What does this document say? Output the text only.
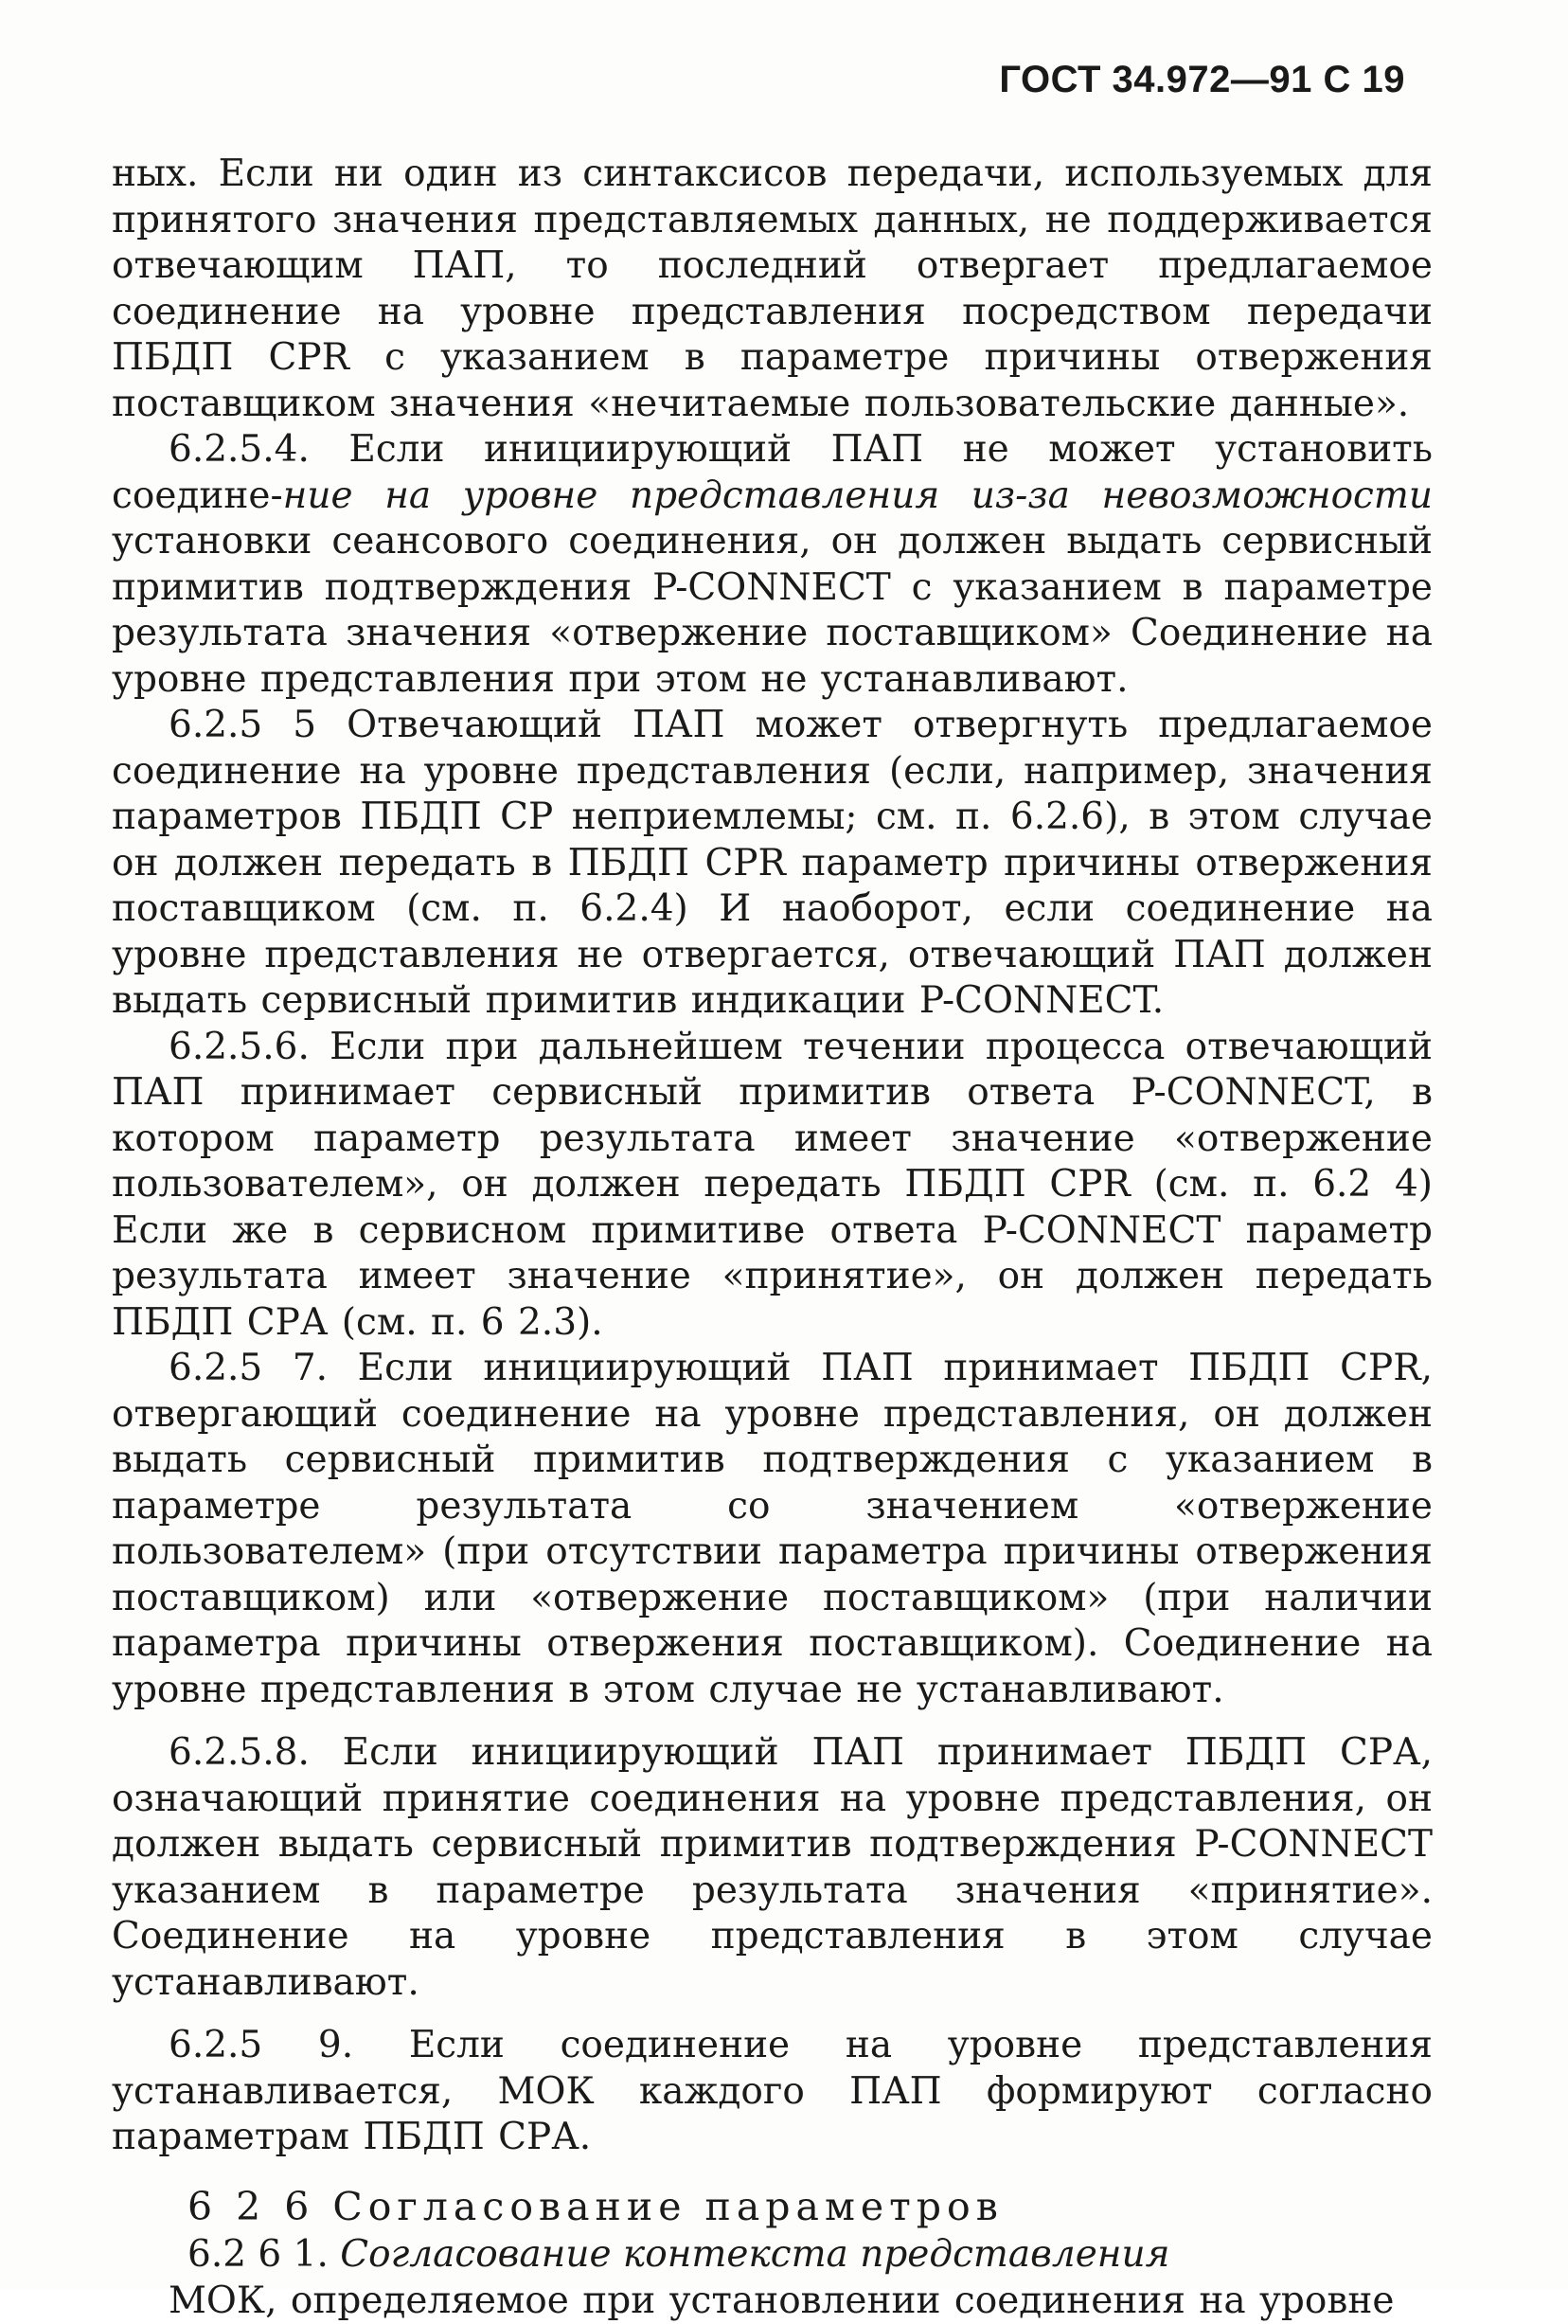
ГОСТ 34.972—91 С 19

ных. Если ни один из синтаксисов передачи, используемых для принятого значения представляемых данных, не поддерживается отвечающим ПАП, то последний отвергает предлагаемое соединение на уровне представления посредством передачи ПБДП CPR с указанием в параметре причины отвержения поставщиком значения «нечитаемые пользовательские данные».

6.2.5.4. Если инициирующий ПАП не может установить соедине-ние на уровне представления из-за невозможности установки сеансового соединения, он должен выдать сервисный примитив подтверждения P-CONNECT с указанием в параметре результата значения «отвержение поставщиком» Соединение на уровне представления при этом не устанавливают.

6.2.5 5 Отвечающий ПАП может отвергнуть предлагаемое соединение на уровне представления (если, например, значения параметров ПБДП СР неприемлемы; см. п. 6.2.6), в этом случае он должен передать в ПБДП CPR параметр причины отвержения поставщиком (см. п. 6.2.4) И наоборот, если соединение на уровне представления не отвергается, отвечающий ПАП должен выдать сервисный примитив индикации P-CONNECT.

6.2.5.6. Если при дальнейшем течении процесса отвечающий ПАП принимает сервисный примитив ответа P-CONNECT, в котором параметр результата имеет значение «отвержение пользователем», он должен передать ПБДП CPR (см. п. 6.2 4) Если же в сервисном примитиве ответа P-CONNECT параметр результата имеет значение «принятие», он должен передать ПБДП СРА (см. п. 6 2.3).

6.2.5 7. Если инициирующий ПАП принимает ПБДП CPR, отвергающий соединение на уровне представления, он должен выдать сервисный примитив подтверждения с указанием в параметре результата со значением «отвержение пользователем» (при отсутствии параметра причины отвержения поставщиком) или «отвержение поставщиком» (при наличии параметра причины отвержения поставщиком). Соединение на уровне представления в этом случае не устанавливают.

6.2.5.8. Если инициирующий ПАП принимает ПБДП СРА, означающий принятие соединения на уровне представления, он должен выдать сервисный примитив подтверждения P-CONNECT указанием в параметре результата значения «принятие». Соединение на уровне представления в этом случае устанавливают.

6.2.5 9. Если соединение на уровне представления устанавливается, МОК каждого ПАП формируют согласно параметрам ПБДП СРА.

6 2 6 Согласование параметров

6.2 6 1. Согласование контекста представления

МОК, определяемое при установлении соединения на уровне
